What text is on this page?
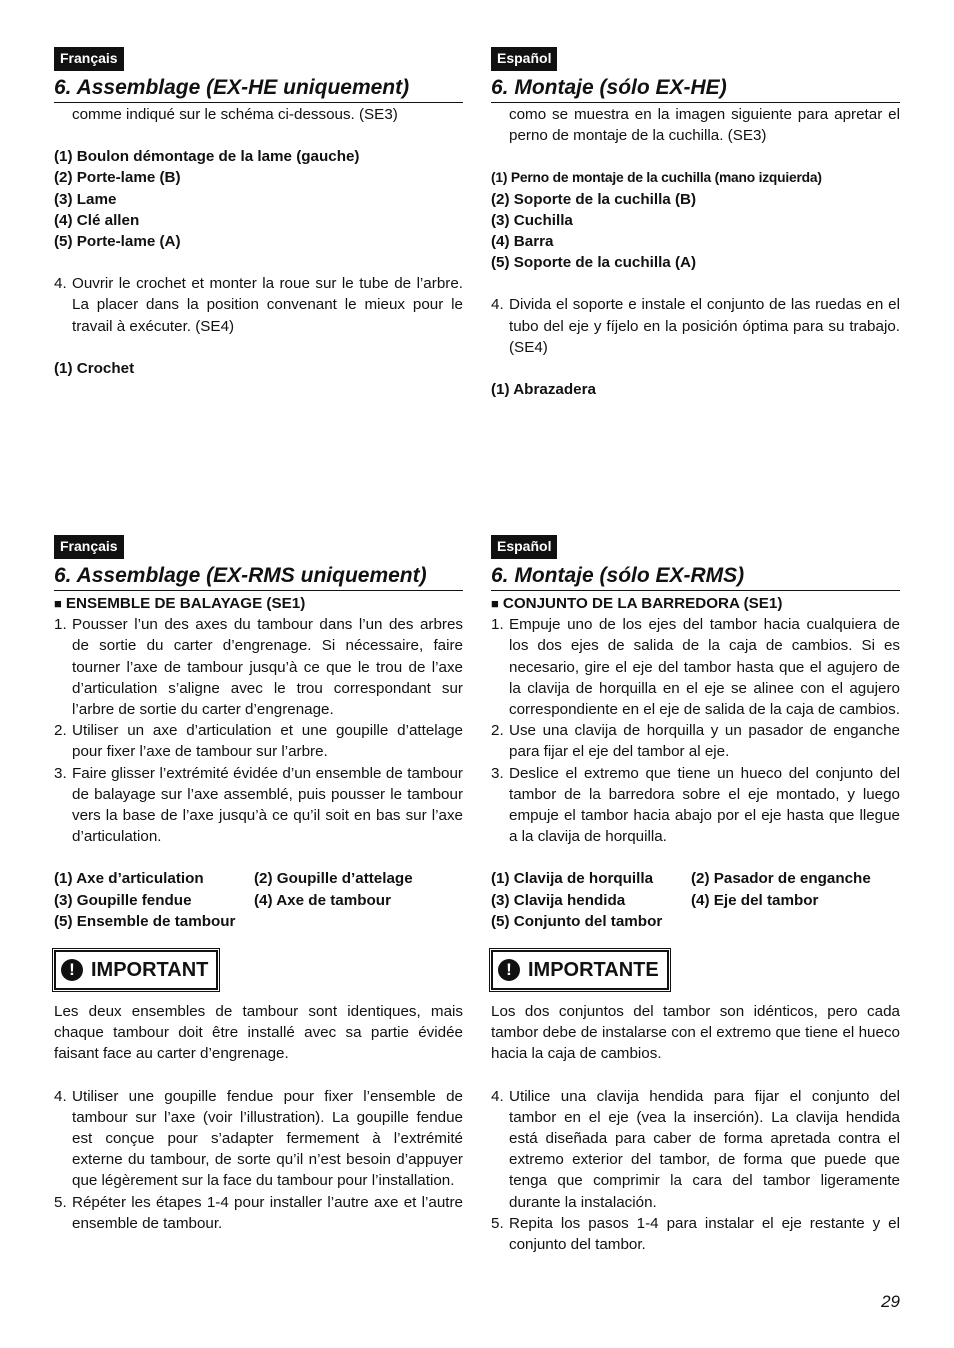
Français
6. Assemblage (EX-HE uniquement)

comme indiqué sur le schéma ci-dessous. (SE3)

(1) Boulon démontage de la lame (gauche)

(2) Porte-lame (B)

(3) Lame

(4) Clé allen

(5) Porte-lame (A)

4. Ouvrir le crochet et monter la roue sur le tube de l’arbre. La placer dans la position convenant le mieux pour le travail à exécuter. (SE4)

(1) Crochet

Español
6. Montaje (sólo EX-HE)

como se muestra en la imagen siguiente para apretar el perno de montaje de la cuchilla. (SE3)

(1) Perno de montaje de la cuchilla (mano izquierda)

(2) Soporte de la cuchilla (B)

(3) Cuchilla

(4) Barra

(5) Soporte de la cuchilla (A)

4. Divida el soporte e instale el conjunto de las ruedas en el tubo del eje y fíjelo en la posición óptima para su trabajo. (SE4)

(1) Abrazadera

Français
6. Assemblage (EX-RMS uniquement)

■ ENSEMBLE DE BALAYAGE (SE1)

1. Pousser l’un des axes du tambour dans l’un des arbres de sortie du carter d’engrenage. Si nécessaire, faire tourner l’axe de tambour jusqu’à ce que le trou de l’axe d’articulation s’aligne avec le trou correspondant sur l’arbre de sortie du carter d’engrenage.
2. Utiliser un axe d’articulation et une goupille d’attelage pour fixer l’axe de tambour sur l’arbre.
3. Faire glisser l’extrémité évidée d’un ensemble de tambour de balayage sur l’axe assemblé, puis pousser le tambour vers la base de l’axe jusqu’à ce qu’il soit en bas sur l’axe d’articulation.
(1) Axe d’articulation	(2) Goupille d’attelage
(3) Goupille fendue	(4) Axe de tambour
(5) Ensemble de tambour
! IMPORTANT

Les deux ensembles de tambour sont identiques, mais chaque tambour doit être installé avec sa partie évidée faisant face au carter d’engrenage.

4. Utiliser une goupille fendue pour fixer l’ensemble de tambour sur l’axe (voir l’illustration). La goupille fendue est conçue pour s’adapter fermement à l’extrémité externe du tambour, de sorte qu’il n’est besoin d’appuyer que légèrement sur la face du tambour pour l’installation.
5. Répéter les étapes 1-4 pour installer l’autre axe et l’autre ensemble de tambour.
Español
6. Montaje (sólo EX-RMS)

■ CONJUNTO DE LA BARREDORA (SE1)

1. Empuje uno de los ejes del tambor hacia cualquiera de los dos ejes de salida de la caja de cambios. Si es necesario, gire el eje del tambor hasta que el agujero de la clavija de horquilla en el eje se alinee con el agujero correspondiente en el eje de salida de la caja de cambios.
2. Use una clavija de horquilla y un pasador de enganche para fijar el eje del tambor al eje.
3. Deslice el extremo que tiene un hueco del conjunto del tambor de la barredora sobre el eje montado, y luego empuje el tambor hacia abajo por el eje hasta que llegue a la clavija de horquilla.
(1) Clavija de horquilla	(2) Pasador de enganche
(3) Clavija hendida	(4) Eje del tambor
(5) Conjunto del tambor
! IMPORTANTE

Los dos conjuntos del tambor son idénticos, pero cada tambor debe de instalarse con el extremo que tiene el hueco hacia la caja de cambios.

4. Utilice una clavija hendida para fijar el conjunto del tambor en el eje (vea la inserción). La clavija hendida está diseñada para caber de forma apretada contra el extremo exterior del tambor, de forma que puede que tenga que comprimir la cara del tambor ligeramente durante la instalación.
5. Repita los pasos 1-4 para instalar el eje restante y el conjunto del tambor.
29
